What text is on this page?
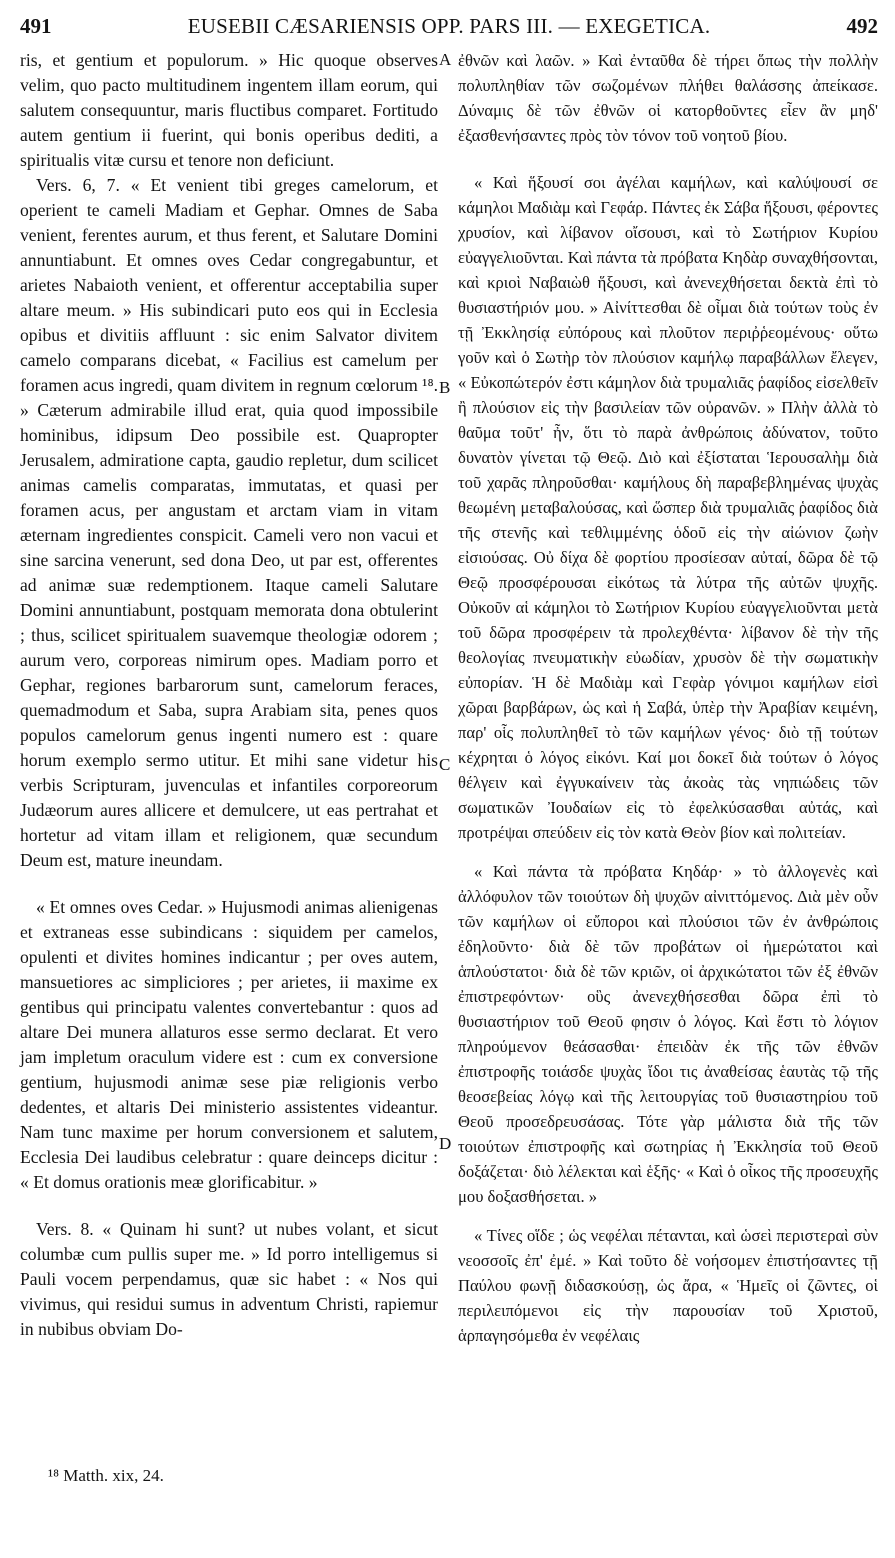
491	EUSEBII CÆSARIENSIS OPP. PARS III. — EXEGETICA.	492

ris, et gentium et populorum. » Hic quoque observes velim, quo pacto multitudinem ingentem illam eorum, qui salutem consequuntur, maris fluctibus comparet. Fortitudo autem gentium ii fuerint, qui bonis operibus dediti, a spiritualis vitæ cursu et tenore non deficiunt.

Vers. 6, 7. « Et venient tibi greges camelorum, et operient te cameli Madiam et Gephar. Omnes de Saba venient, ferentes aurum, et thus ferent, et Salutare Domini annuntiabunt. Et omnes oves Cedar congregabuntur, et arietes Nabaioth venient, et offerentur acceptabilia super altare meum. » His subindicari puto eos qui in Ecclesia opibus et divitiis affluunt : sic enim Salvator divitem camelo comparans dicebat, « Facilius est camelum per foramen acus ingredi, quam divitem in regnum cœlorum ¹⁸. » Cæterum admirabile illud erat, quia quod impossibile hominibus, idipsum Deo possibile est. Quapropter Jerusalem, admiratione capta, gaudio repletur, dum scilicet animas camelis comparatas, immutatas, et quasi per foramen acus, per angustam et arctam viam in vitam æternam ingredientes conspicit. Cameli vero non vacui et sine sarcina venerunt, sed dona Deo, ut par est, offerentes ad animæ suæ redemptionem. Itaque cameli Salutare Domini annuntiabunt, postquam memorata dona obtulerint ; thus, scilicet spiritualem suavemque theologiæ odorem ; aurum vero, corporeas nimirum opes. Madiam porro et Gephar, regiones barbarorum sunt, camelorum feraces, quemadmodum et Saba, supra Arabiam sita, penes quos populos camelorum genus ingenti numero est : quare horum exemplo sermo utitur. Et mihi sane videtur his verbis Scripturam, juvenculas et infantiles corporeorum Judæorum aures allicere et demulcere, ut eas pertrahat et hortetur ad vitam illam et religionem, quæ secundum Deum est, mature ineundam.

« Et omnes oves Cedar. » Hujusmodi animas alienigenas et extraneas esse subindicans : siquidem per camelos, opulenti et divites homines indicantur ; per oves autem, mansuetiores ac simpliciores ; per arietes, ii maxime ex gentibus qui principatu valentes convertebantur : quos ad altare Dei munera allaturos esse sermo declarat. Et vero jam impletum oraculum videre est : cum ex conversione gentium, hujusmodi animæ sese piæ religionis verbo dedentes, et altaris Dei ministerio assistentes videantur. Nam tunc maxime per horum conversionem et salutem, Ecclesia Dei laudibus celebratur : quare deinceps dicitur : « Et domus orationis meæ glorificabitur. »

Vers. 8. « Quinam hi sunt? ut nubes volant, et sicut columbæ cum pullis super me. » Id porro intelligemus si Pauli vocem perpendamus, quæ sic habet : « Nos qui vivimus, qui residui sumus in adventum Christi, rapiemur in nubibus obviam Do-

A
B
C
D

ἐθνῶν καὶ λαῶν. » Καὶ ἐνταῦθα δὲ τήρει ὅπως τὴν πολλὴν πολυπληθίαν τῶν σωζομένων πλήθει θαλάσσης ἀπείκασε. Δύναμις δὲ τῶν ἐθνῶν οἱ κατορθοῦντες εἶεν ἂν μηδ' ἐξασθενήσαντες πρὸς τὸν τόνον τοῦ νοητοῦ βίου.

« Καὶ ἥξουσί σοι ἀγέλαι καμήλων, καὶ καλύψουσί σε κάμηλοι Μαδιὰμ καὶ Γεφάρ. Πάντες ἐκ Σάβα ἥξουσι, φέροντες χρυσίον, καὶ λίβανον οἴσουσι, καὶ τὸ Σωτήριον Κυρίου εὐαγγελιοῦνται. Καὶ πάντα τὰ πρόβατα Κηδὰρ συναχθήσονται, καὶ κριοὶ Ναβαιὼθ ἥξουσι, καὶ ἀνενεχθήσεται δεκτὰ ἐπὶ τὸ θυσιαστήριόν μου. » Αἰνίττεσθαι δὲ οἶμαι διὰ τούτων τοὺς ἐν τῇ Ἐκκλησίᾳ εὐπόρους καὶ πλοῦτον περιῤῥεομένους· οὕτω γοῦν καὶ ὁ Σωτὴρ τὸν πλούσιον καμήλῳ παραβάλλων ἔλεγεν, « Εὐκοπώτερόν ἐστι κάμηλον διὰ τρυμαλιᾶς ῥαφίδος εἰσελθεῖν ἢ πλούσιον εἰς τὴν βασιλείαν τῶν οὐρανῶν. » Πλὴν ἀλλὰ τὸ θαῦμα τοῦτ' ἦν, ὅτι τὸ παρὰ ἀνθρώποις ἀδύνατον, τοῦτο δυνατὸν γίνεται τῷ Θεῷ. Διὸ καὶ ἐξίσταται Ἱερουσαλὴμ διὰ τοῦ χαρᾶς πληροῦσθαι· καμήλους δὴ παραβεβλημένας ψυχὰς θεωμένη μεταβαλούσας, καὶ ὥσπερ διὰ τρυμαλιᾶς ῥαφίδος διὰ τῆς στενῆς καὶ τεθλιμμένης ὁδοῦ εἰς τὴν αἰώνιον ζωὴν εἰσιούσας. Οὐ δίχα δὲ φορτίου προσίεσαν αὐταί, δῶρα δὲ τῷ Θεῷ προσφέρουσαι εἰκότως τὰ λύτρα τῆς αὐτῶν ψυχῆς. Οὐκοῦν αἱ κάμηλοι τὸ Σωτήριον Κυρίου εὐαγγελιοῦνται μετὰ τοῦ δῶρα προσφέρειν τὰ προλεχθέντα· λίβανον δὲ τὴν τῆς θεολογίας πνευματικὴν εὐωδίαν, χρυσὸν δὲ τὴν σωματικὴν εὐπορίαν. Ἡ δὲ Μαδιὰμ καὶ Γεφὰρ γόνιμοι καμήλων εἰσὶ χῶραι βαρβάρων, ὡς καὶ ἡ Σαβά, ὑπὲρ τὴν Ἀραβίαν κειμένη, παρ' οἷς πολυπληθεῖ τὸ τῶν καμήλων γένος· διὸ τῇ τούτων κέχρηται ὁ λόγος εἰκόνι. Καί μοι δοκεῖ διὰ τούτων ὁ λόγος θέλγειν καὶ ἐγγυκαίνειν τὰς ἀκοὰς τὰς νηπιώδεις τῶν σωματικῶν Ἰουδαίων εἰς τὸ ἐφελκύσασθαι αὐτάς, καὶ προτρέψαι σπεύδειν εἰς τὸν κατὰ Θεὸν βίον καὶ πολιτείαν.

« Καὶ πάντα τὰ πρόβατα Κηδάρ· » τὸ ἀλλογενὲς καὶ ἀλλόφυλον τῶν τοιούτων δὴ ψυχῶν αἰνιττόμενος. Διὰ μὲν οὖν τῶν καμήλων οἱ εὔποροι καὶ πλούσιοι τῶν ἐν ἀνθρώποις ἐδηλοῦντο· διὰ δὲ τῶν προβάτων οἱ ἡμερώτατοι καὶ ἁπλούστατοι· διὰ δὲ τῶν κριῶν, οἱ ἀρχικώτατοι τῶν ἐξ ἐθνῶν ἐπιστρεφόντων· οὓς ἀνενεχθήσεσθαι δῶρα ἐπὶ τὸ θυσιαστήριον τοῦ Θεοῦ φησιν ὁ λόγος. Καὶ ἔστι τὸ λόγιον πληρούμενον θεάσασθαι· ἐπειδὰν ἐκ τῆς τῶν ἐθνῶν ἐπιστροφῆς τοιάσδε ψυχὰς ἴδοι τις ἀναθείσας ἑαυτὰς τῷ τῆς θεοσεβείας λόγῳ καὶ τῆς λειτουργίας τοῦ θυσιαστηρίου τοῦ Θεοῦ προσεδρευσάσας. Τότε γὰρ μάλιστα διὰ τῆς τῶν τοιούτων ἐπιστροφῆς καὶ σωτηρίας ἡ Ἐκκλησία τοῦ Θεοῦ δοξάζεται· διὸ λέλεκται καὶ ἑξῆς· « Καὶ ὁ οἶκος τῆς προσευχῆς μου δοξασθήσεται. »

« Τίνες οἵδε ; ὡς νεφέλαι πέτανται, καὶ ὡσεὶ περιστεραὶ σὺν νεοσσοῖς ἐπ' ἐμέ. » Καὶ τοῦτο δὲ νοήσομεν ἐπιστήσαντες τῇ Παύλου φωνῇ διδασκούσῃ, ὡς ἄρα, « Ἡμεῖς οἱ ζῶντες, οἱ περιλειπόμενοι εἰς τὴν παρουσίαν τοῦ Χριστοῦ, ἁρπαγησόμεθα ἐν νεφέλαις

¹⁸ Matth. xix, 24.
